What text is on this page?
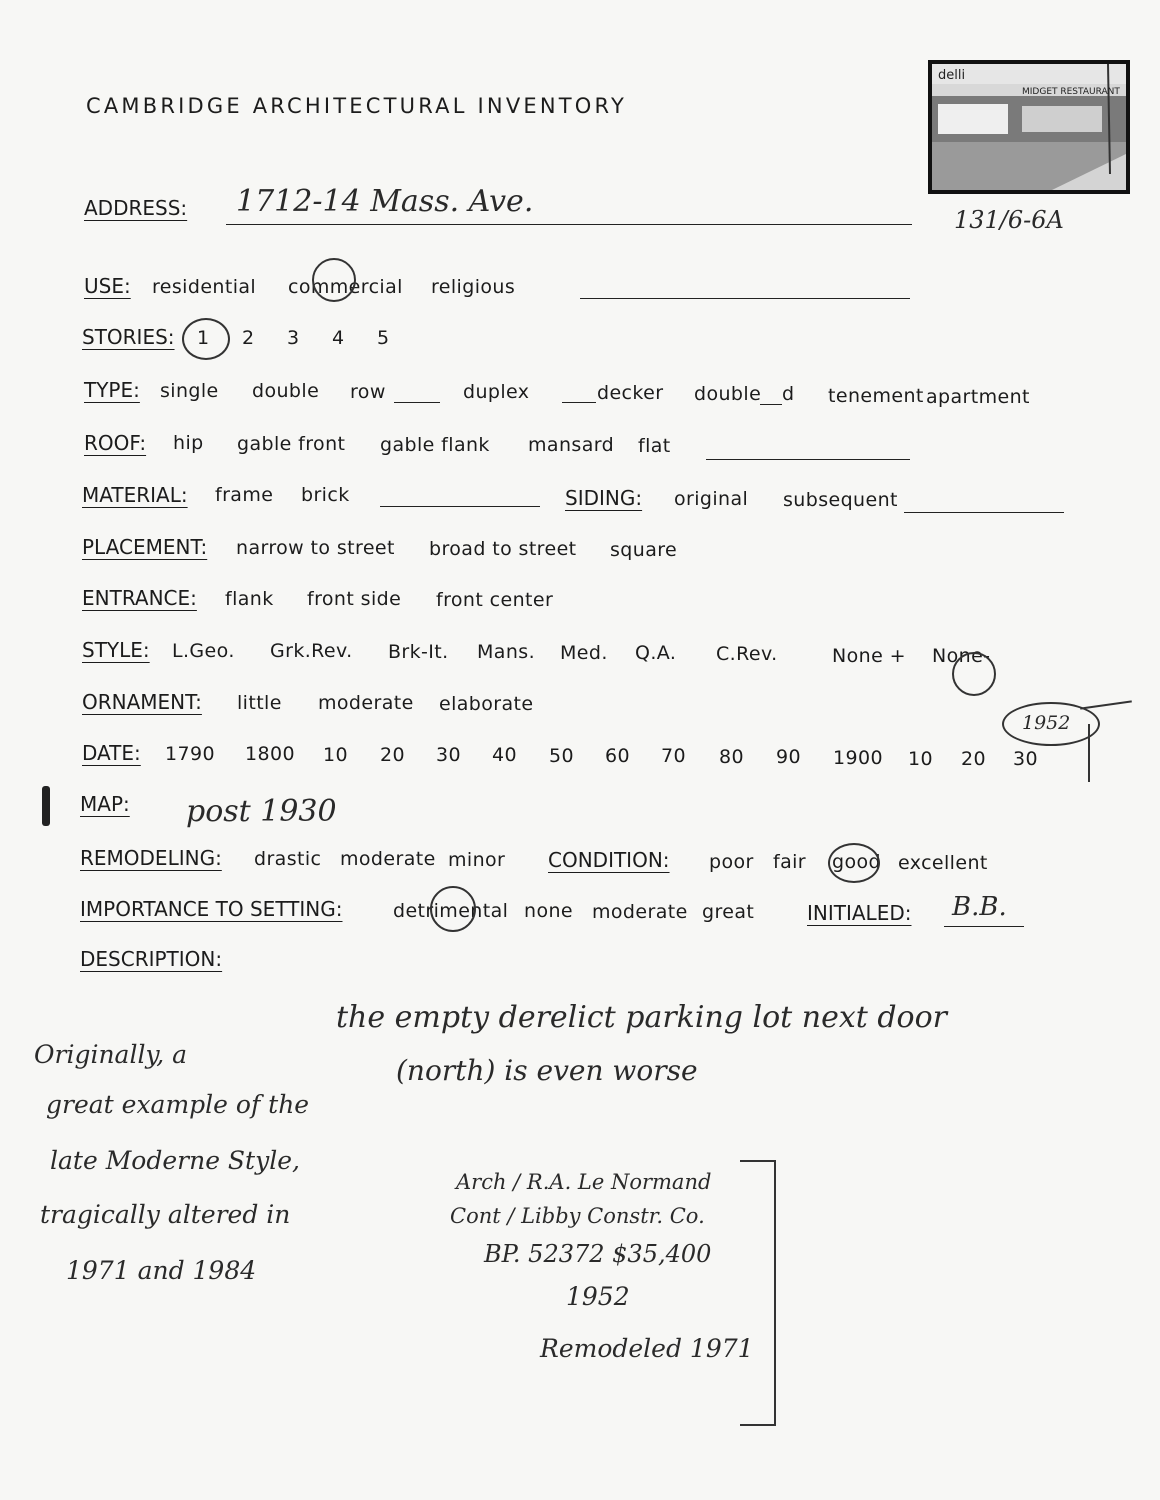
CAMBRIDGE ARCHITECTURAL INVENTORY
delli
MIDGET RESTAURANT
ADDRESS: 1712-14 Mass. Ave.
131/6-6A
USE: residential commercial religious
STORIES: 1 2 3 4 5
TYPE: single double row	duplex	decker double d tenement apartment
ROOF: hip gable front gable flank mansard flat
MATERIAL: frame brick	SIDING: original subsequent
PLACEMENT: narrow to street broad to street square
ENTRANCE: flank front side front center
STYLE: L.Geo. Grk.Rev. Brk-It. Mans. Med. Q.A. C.Rev.	None + None-
ORNAMENT: little moderate elaborate
DATE: 1790 1800 10 20 30 40 50 60 70 80 90 1900 10 20 30
1952
MAP: post 1930
REMODELING: drastic moderate minor CONDITION: poor fair good excellent
IMPORTANCE TO SETTING:	detrimental none moderate great	INITIALED: B.B.
DESCRIPTION:
the empty derelict parking lot next door
(north) is even worse
Originally, a
great example of the
late Moderne Style,
tragically altered in
1971 and 1984
Arch / R.A. Le Normand
Cont / Libby Constr. Co.
BP. 52372 $35,400
1952
Remodeled 1971
